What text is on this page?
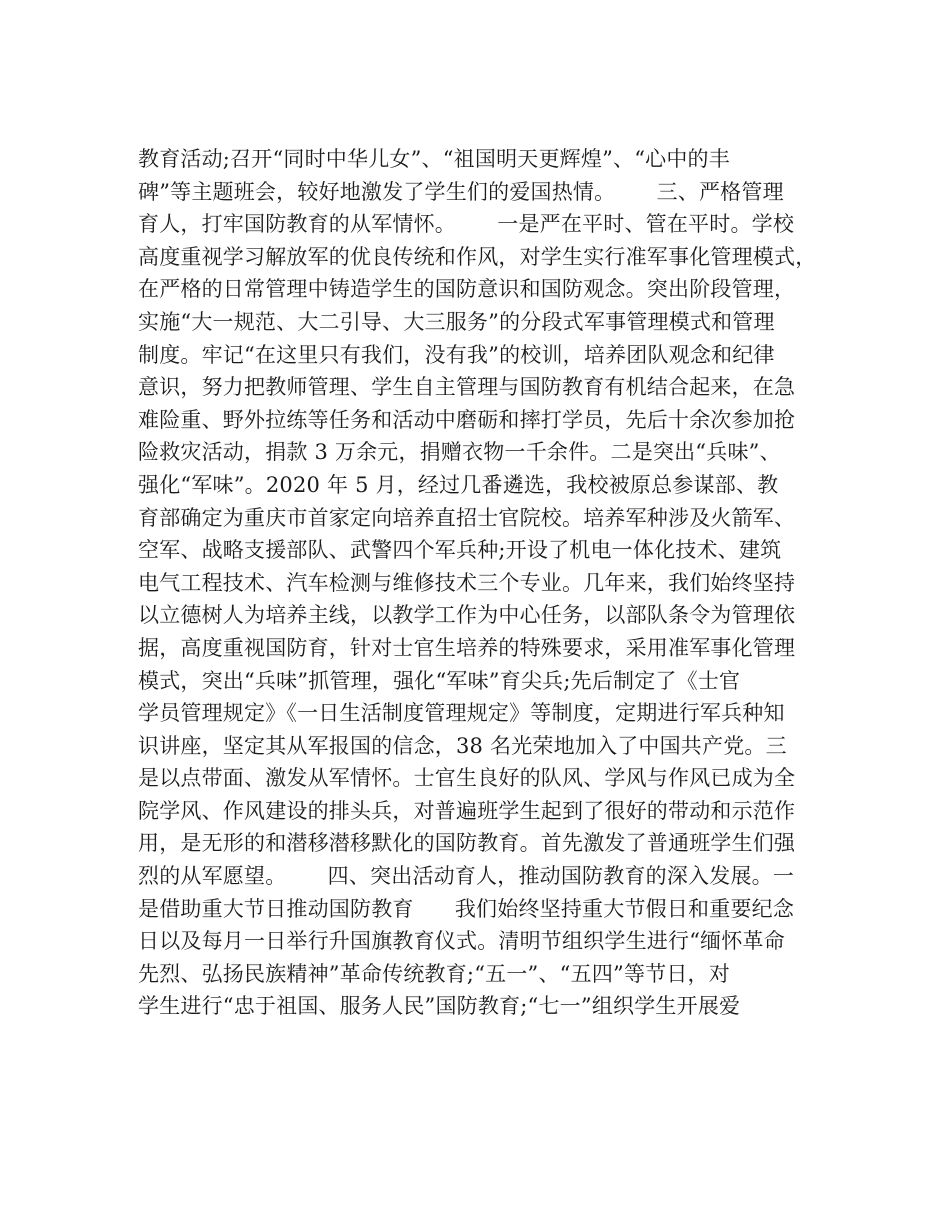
教育活动;召开“同时中华儿女”、“祖国明天更辉煌”、“心中的丰
碑”等主题班会，较好地激发了学生们的爱国热情。      三、严格管理
育人，打牢国防教育的从军情怀。      一是严在平时、管在平时。学校
高度重视学习解放军的优良传统和作风，对学生实行准军事化管理模式，
在严格的日常管理中铸造学生的国防意识和国防观念。突出阶段管理，
实施“大一规范、大二引导、大三服务”的分段式军事管理模式和管理
制度。牢记“在这里只有我们，没有我”的校训，培养团队观念和纪律
意识，努力把教师管理、学生自主管理与国防教育有机结合起来，在急
难险重、野外拉练等任务和活动中磨砺和摔打学员，先后十余次参加抢
险救灾活动，捐款 3 万余元，捐赠衣物一千余件。二是突出“兵味”、
强化“军味”。2020 年 5 月，经过几番遴选，我校被原总参谋部、教
育部确定为重庆市首家定向培养直招士官院校。培养军种涉及火箭军、
空军、战略支援部队、武警四个军兵种;开设了机电一体化技术、建筑
电气工程技术、汽车检测与维修技术三个专业。几年来，我们始终坚持
以立德树人为培养主线，以教学工作为中心任务，以部队条令为管理依
据，高度重视国防育，针对士官生培养的特殊要求，采用准军事化管理
模式，突出“兵味”抓管理，强化“军味”育尖兵;先后制定了《士官
学员管理规定》《一日生活制度管理规定》等制度，定期进行军兵种知
识讲座，坚定其从军报国的信念，38 名光荣地加入了中国共产党。三
是以点带面、激发从军情怀。士官生良好的队风、学风与作风已成为全
院学风、作风建设的排头兵，对普遍班学生起到了很好的带动和示范作
用，是无形的和潜移潜移默化的国防教育。首先激发了普通班学生们强
烈的从军愿望。      四、突出活动育人，推动国防教育的深入发展。一
是借助重大节日推动国防教育      我们始终坚持重大节假日和重要纪念
日以及每月一日举行升国旗教育仪式。清明节组织学生进行“缅怀革命
先烈、弘扬民族精神”革命传统教育;“五一”、“五四”等节日，对
学生进行“忠于祖国、服务人民”国防教育;“七一”组织学生开展爱
